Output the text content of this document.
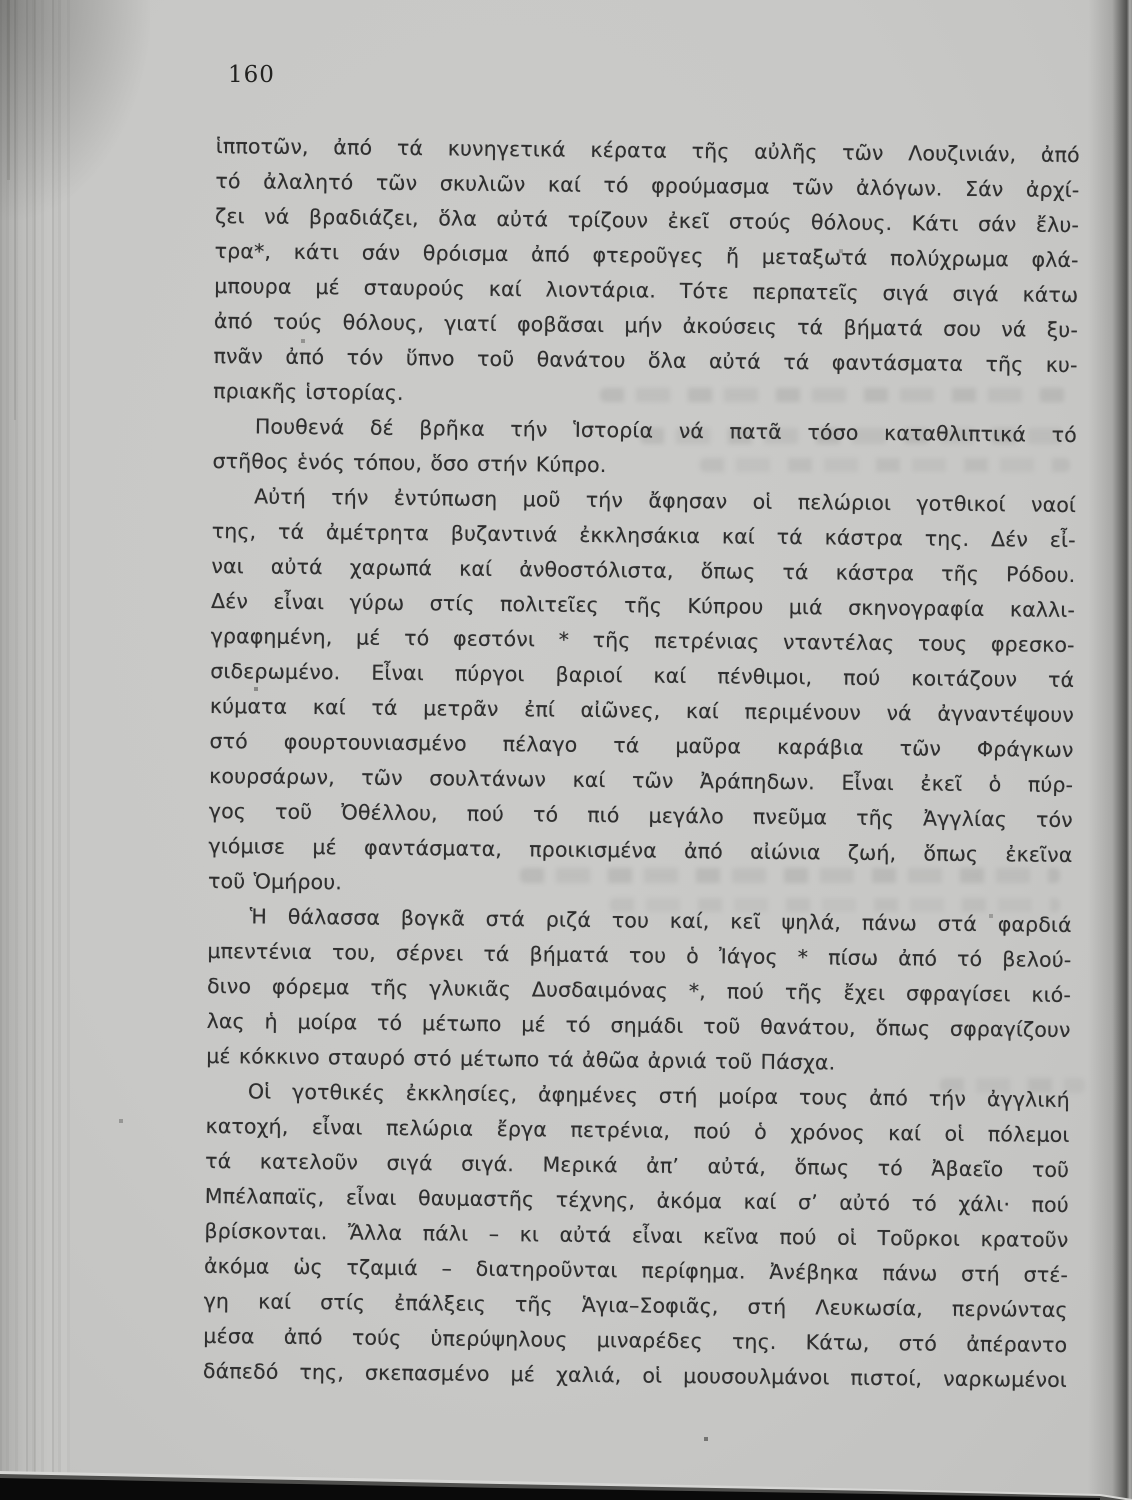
160
ἱπποτῶν, ἀπό τά κυνηγετικά κέρατα τῆς αὐλῆς τῶν Λουζινιάν, ἀπό
τό ἀλαλητό τῶν σκυλιῶν καί τό φρούμασμα τῶν ἀλόγων. Σάν ἀρχί-
ζει νά βραδιάζει, ὅλα αὐτά τρίζουν ἐκεῖ στούς θόλους. Κάτι σάν ἔλυ-
τρα*, κάτι σάν θρόισμα ἀπό φτεροῦγες ἤ μεταξωτά πολύχρωμα φλά-
μπουρα μέ σταυρούς καί λιοντάρια. Τότε περπατεῖς σιγά σιγά κάτω
ἀπό τούς θόλους, γιατί φοβᾶσαι μήν ἀκούσεις τά βήματά σου νά ξυ-
πνᾶν ἀπό τόν ὕπνο τοῦ θανάτου ὅλα αὐτά τά φαντάσματα τῆς κυ-
πριακῆς ἱστορίας.
Πουθενά δέ βρῆκα τήν Ἱστορία νά πατᾶ τόσο καταθλιπτικά τό
στῆθος ἑνός τόπου, ὅσο στήν Κύπρο.
Αὐτή τήν ἐντύπωση μοῦ τήν ἄφησαν οἱ πελώριοι γοτθικοί ναοί
της, τά ἀμέτρητα βυζαντινά ἐκκλησάκια καί τά κάστρα της. Δέν εἶ-
ναι αὐτά χαρωπά καί ἀνθοστόλιστα, ὅπως τά κάστρα τῆς Ρόδου.
Δέν εἶναι γύρω στίς πολιτεῖες τῆς Κύπρου μιά σκηνογραφία καλλι-
γραφημένη, μέ τό φεστόνι * τῆς πετρένιας νταντέλας τους φρεσκο-
σιδερωμένο. Εἶναι πύργοι βαριοί καί πένθιμοι, πού κοιτάζουν τά
κύματα καί τά μετρᾶν ἐπί αἰῶνες, καί περιμένουν νά ἀγναντέψουν
στό φουρτουνιασμένο πέλαγο τά μαῦρα καράβια τῶν Φράγκων
κουρσάρων, τῶν σουλτάνων καί τῶν Ἀράπηδων. Εἶναι ἐκεῖ ὁ πύρ-
γος τοῦ Ὀθέλλου, πού τό πιό μεγάλο πνεῦμα τῆς Ἀγγλίας τόν
γιόμισε μέ φαντάσματα, προικισμένα ἀπό αἰώνια ζωή, ὅπως ἐκεῖνα
τοῦ Ὁμήρου.
Ἡ θάλασσα βογκᾶ στά ριζά του καί, κεῖ ψηλά, πάνω στά φαρδιά
μπεντένια του, σέρνει τά βήματά του ὁ Ἰάγος * πίσω ἀπό τό βελού-
δινο φόρεμα τῆς γλυκιᾶς Δυσδαιμόνας *, πού τῆς ἔχει σφραγίσει κιό-
λας ἡ μοίρα τό μέτωπο μέ τό σημάδι τοῦ θανάτου, ὅπως σφραγίζουν
μέ κόκκινο σταυρό στό μέτωπο τά ἀθῶα ἀρνιά τοῦ Πάσχα.
Οἱ γοτθικές ἐκκλησίες, ἀφημένες στή μοίρα τους ἀπό τήν ἀγγλική
κατοχή, εἶναι πελώρια ἔργα πετρένια, πού ὁ χρόνος καί οἱ πόλεμοι
τά κατελοῦν σιγά σιγά. Μερικά ἀπ’ αὐτά, ὅπως τό Ἀβαεῖο τοῦ
Μπέλαπαϊς, εἶναι θαυμαστῆς τέχνης, ἀκόμα καί σ’ αὐτό τό χάλι· πού
βρίσκονται. Ἄλλα πάλι – κι αὐτά εἶναι κεῖνα πού οἱ Τοῦρκοι κρατοῦν
ἀκόμα ὡς τζαμιά – διατηροῦνται περίφημα. Ἀνέβηκα πάνω στή στέ-
γη καί στίς ἐπάλξεις τῆς Ἁγια–Σοφιᾶς, στή Λευκωσία, περνώντας
μέσα ἀπό τούς ὑπερύψηλους μιναρέδες της. Κάτω, στό ἀπέραντο
δάπεδό της, σκεπασμένο μέ χαλιά, οἱ μουσουλμάνοι πιστοί, ναρκωμένοι
